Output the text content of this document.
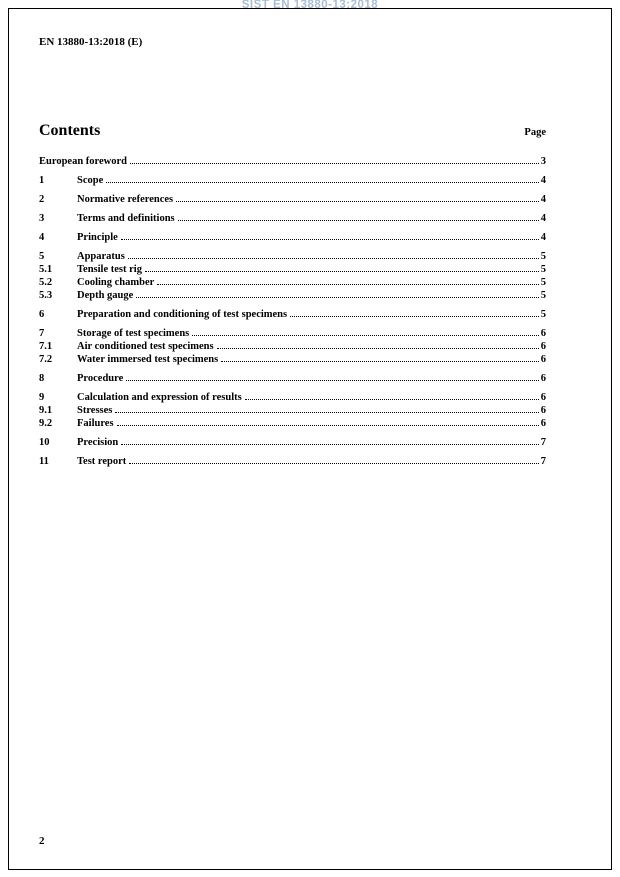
SIST EN 13880-13:2018
EN 13880-13:2018 (E)
Contents	Page
European foreword	3
1	Scope	4
2	Normative references	4
3	Terms and definitions	4
4	Principle	4
5	Apparatus	5
5.1	Tensile test rig	5
5.2	Cooling chamber	5
5.3	Depth gauge	5
6	Preparation and conditioning of test specimens	5
7	Storage of test specimens	6
7.1	Air conditioned test specimens	6
7.2	Water immersed test specimens	6
8	Procedure	6
9	Calculation and expression of results	6
9.1	Stresses	6
9.2	Failures	6
10	Precision	7
11	Test report	7
2
